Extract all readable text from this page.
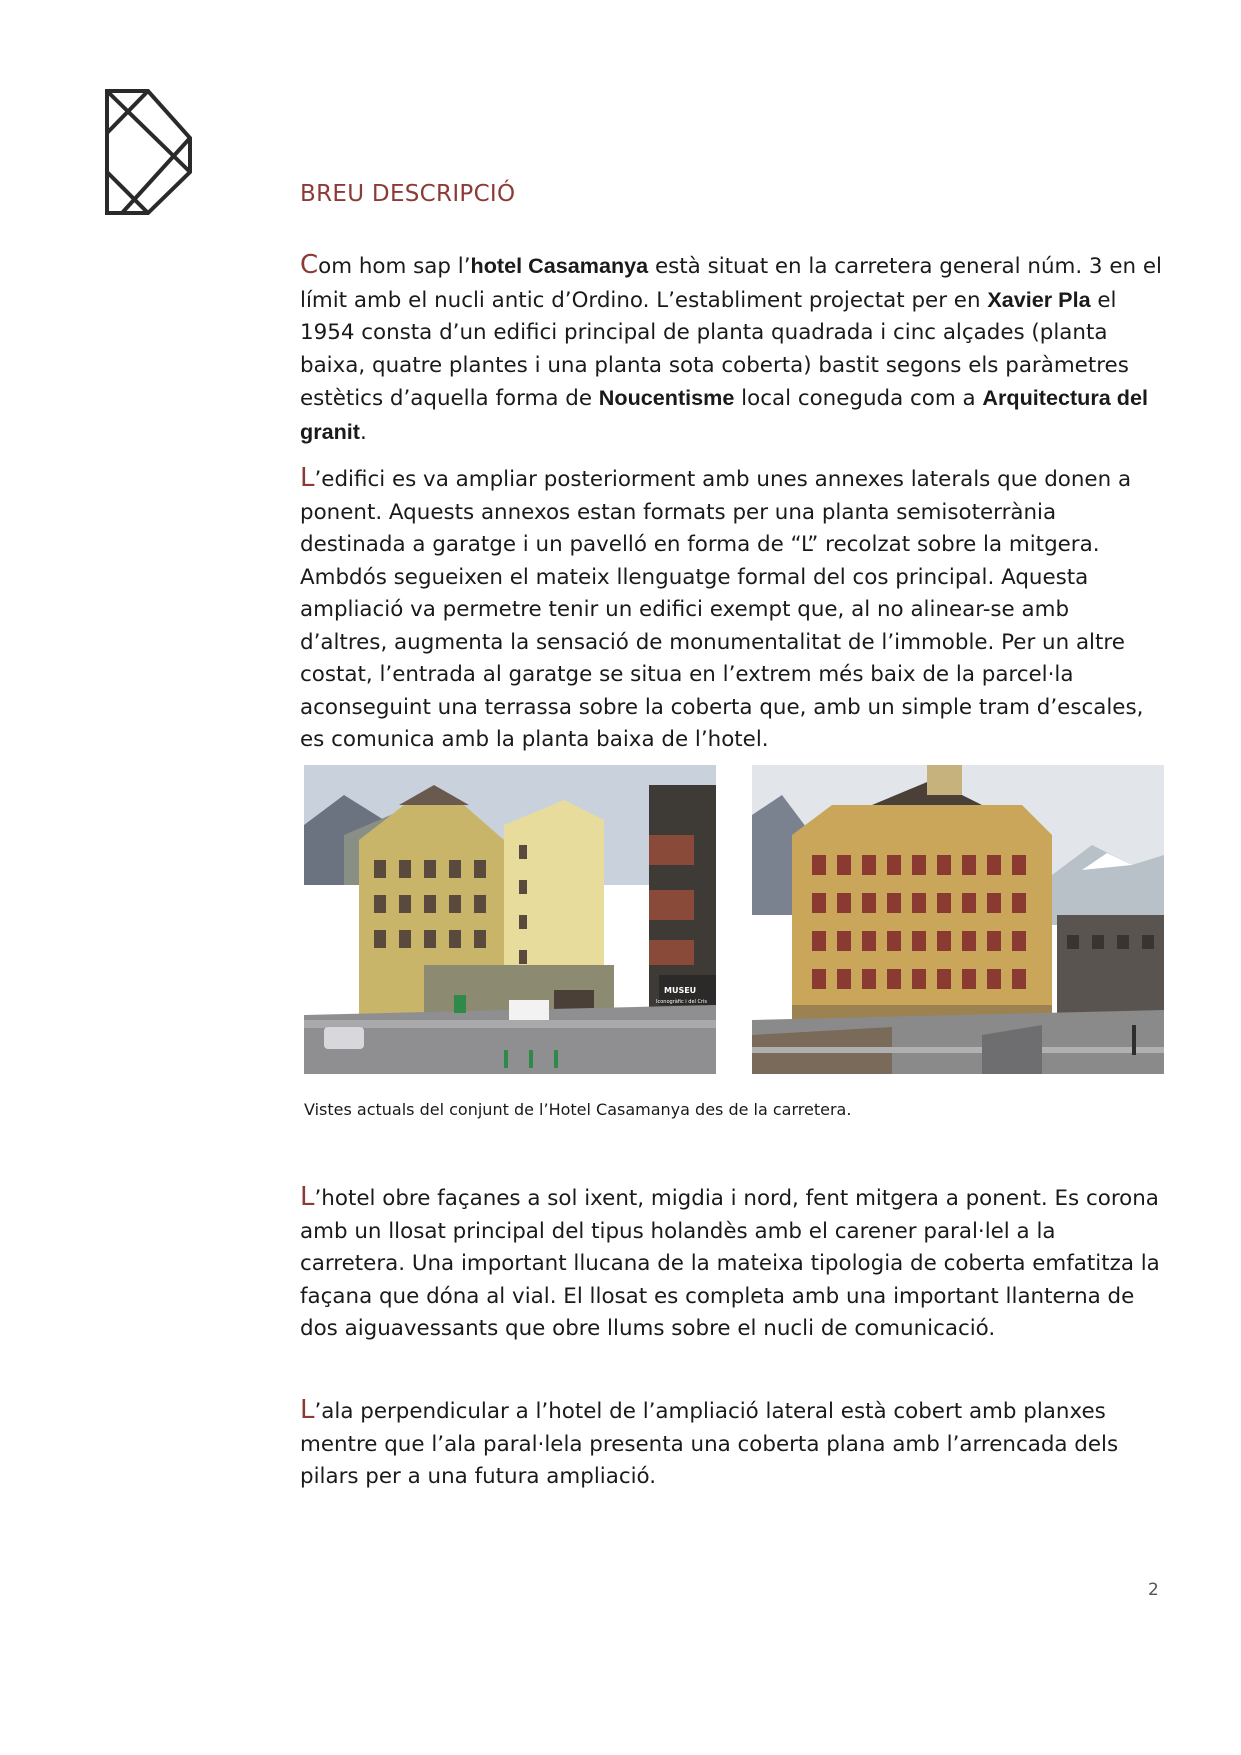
BREU DESCRIPCIÓ

Com hom sap l’hotel Casamanya està situat en la carretera general núm. 3 en el límit amb el nucli antic d’Ordino. L’establiment projectat per en Xavier Pla el 1954 consta d’un edifici principal de planta quadrada i cinc alçades (planta baixa, quatre plantes i una planta sota coberta) bastit segons els paràmetres estètics d’aquella forma de Noucentisme local coneguda com a Arquitectura del granit.

L’edifici es va ampliar posteriorment amb unes annexes laterals que donen a ponent. Aquests annexos estan formats per una planta semisoterrània destinada a garatge i un pavelló en forma de “L” recolzat sobre la mitgera. Ambdós segueixen el mateix llenguatge formal del cos principal. Aquesta ampliació va permetre tenir un edifici exempt que, al no alinear-se amb d’altres, augmenta la sensació de monumentalitat de l’immoble. Per un altre costat, l’entrada al garatge se situa en l’extrem més baix de la parcel·la aconseguint una terrassa sobre la coberta que, amb un simple tram d’escales, es comunica amb la planta baixa de l’hotel.

MUSEU
Iconogràfic i del Cris
Vistes actuals del conjunt de l’Hotel Casamanya des de la carretera.

L’hotel obre façanes a sol ixent, migdia i nord, fent mitgera a ponent. Es corona amb un llosat principal del tipus holandès amb el carener paral·lel a la carretera. Una important llucana de la mateixa tipologia de coberta emfatitza la façana que dóna al vial. El llosat es completa amb una important llanterna de dos aiguavessants que obre llums sobre el nucli de comunicació.

L’ala perpendicular a l’hotel de l’ampliació lateral està cobert amb planxes mentre que l’ala paral·lela presenta una coberta plana amb l’arrencada dels pilars per a una futura ampliació.

2
